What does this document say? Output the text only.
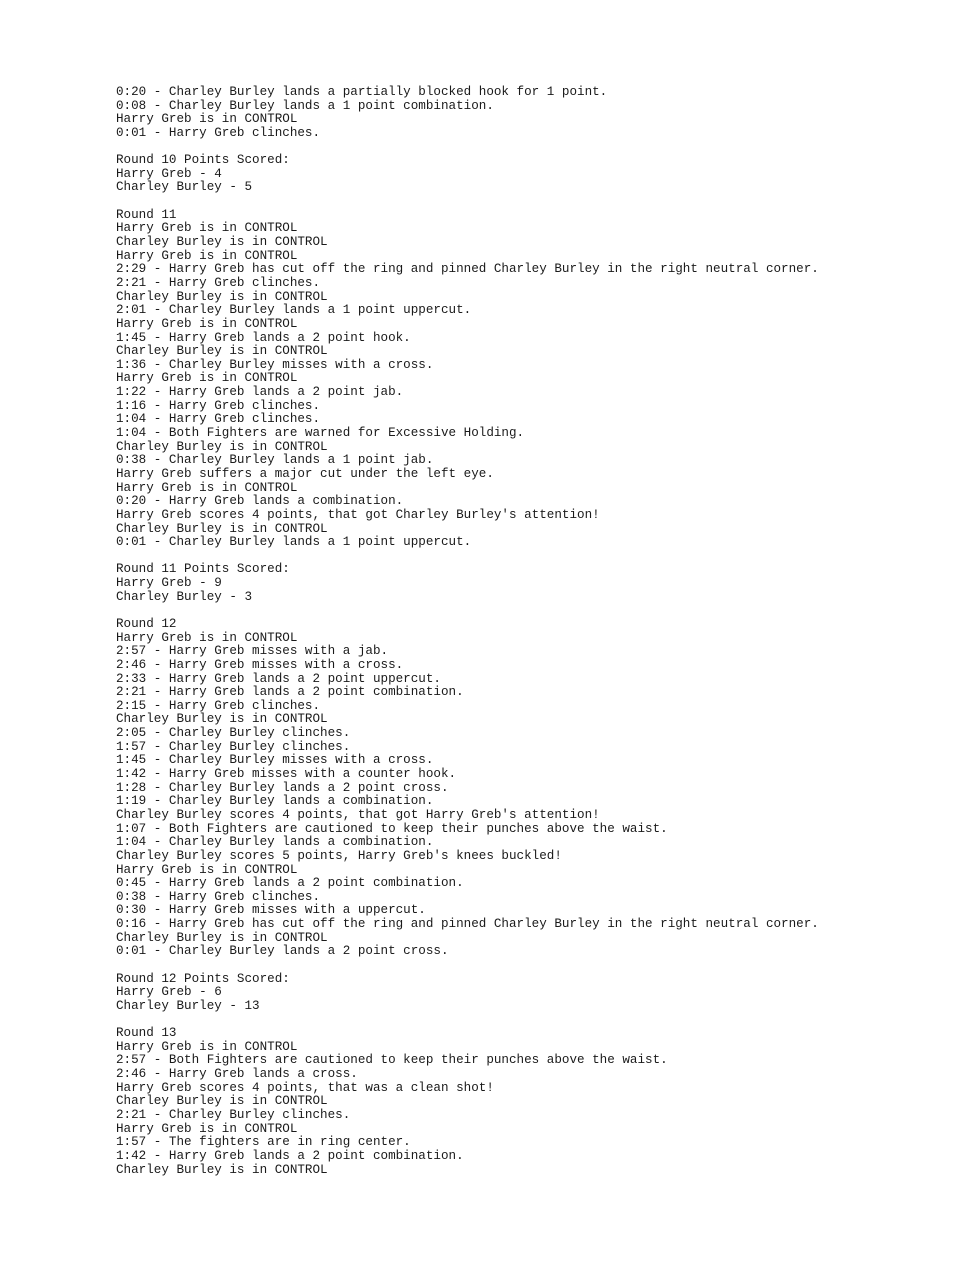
0:20 - Charley Burley lands a partially blocked hook for 1 point.
0:08 - Charley Burley lands a 1 point combination.
Harry Greb is in CONTROL
0:01 - Harry Greb clinches.
Round 10 Points Scored:
Harry Greb - 4
Charley Burley - 5
Round 11
Harry Greb is in CONTROL
Charley Burley is in CONTROL
Harry Greb is in CONTROL
2:29 - Harry Greb has cut off the ring and pinned Charley Burley in the right neutral corner.
2:21 - Harry Greb clinches.
Charley Burley is in CONTROL
2:01 - Charley Burley lands a 1 point uppercut.
Harry Greb is in CONTROL
1:45 - Harry Greb lands a 2 point hook.
Charley Burley is in CONTROL
1:36 - Charley Burley misses with a cross.
Harry Greb is in CONTROL
1:22 - Harry Greb lands a 2 point jab.
1:16 - Harry Greb clinches.
1:04 - Harry Greb clinches.
1:04 - Both Fighters are warned for Excessive Holding.
Charley Burley is in CONTROL
0:38 - Charley Burley lands a 1 point jab.
Harry Greb suffers a major cut under the left eye.
Harry Greb is in CONTROL
0:20 - Harry Greb lands a combination.
Harry Greb scores 4 points, that got Charley Burley's attention!
Charley Burley is in CONTROL
0:01 - Charley Burley lands a 1 point uppercut.
Round 11 Points Scored:
Harry Greb - 9
Charley Burley - 3
Round 12
Harry Greb is in CONTROL
2:57 - Harry Greb misses with a jab.
2:46 - Harry Greb misses with a cross.
2:33 - Harry Greb lands a 2 point uppercut.
2:21 - Harry Greb lands a 2 point combination.
2:15 - Harry Greb clinches.
Charley Burley is in CONTROL
2:05 - Charley Burley clinches.
1:57 - Charley Burley clinches.
1:45 - Charley Burley misses with a cross.
1:42 - Harry Greb misses with a counter hook.
1:28 - Charley Burley lands a 2 point cross.
1:19 - Charley Burley lands a combination.
Charley Burley scores 4 points, that got Harry Greb's attention!
1:07 - Both Fighters are cautioned to keep their punches above the waist.
1:04 - Charley Burley lands a combination.
Charley Burley scores 5 points, Harry Greb's knees buckled!
Harry Greb is in CONTROL
0:45 - Harry Greb lands a 2 point combination.
0:38 - Harry Greb clinches.
0:30 - Harry Greb misses with a uppercut.
0:16 - Harry Greb has cut off the ring and pinned Charley Burley in the right neutral corner.
Charley Burley is in CONTROL
0:01 - Charley Burley lands a 2 point cross.
Round 12 Points Scored:
Harry Greb - 6
Charley Burley - 13
Round 13
Harry Greb is in CONTROL
2:57 - Both Fighters are cautioned to keep their punches above the waist.
2:46 - Harry Greb lands a cross.
Harry Greb scores 4 points, that was a clean shot!
Charley Burley is in CONTROL
2:21 - Charley Burley clinches.
Harry Greb is in CONTROL
1:57 - The fighters are in ring center.
1:42 - Harry Greb lands a 2 point combination.
Charley Burley is in CONTROL
